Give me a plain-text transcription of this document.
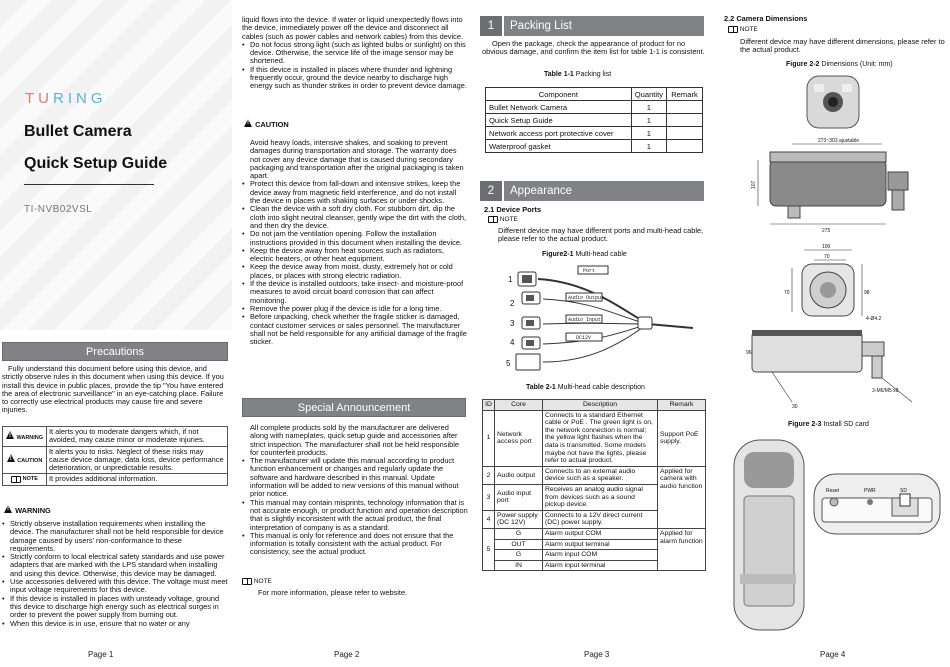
TURING
Bullet Camera
Quick Setup Guide
TI-NVB02VSL
Precautions

Fully understand this document before using this device, and strictly observe rules in this document when using this device. If you install this device in public places, provide the tip "You have entered the area of electronic surveillance" in an eye-catching place. Failure to correctly use electrical products may cause fire and severe injuries.

! WARNING	It alerts you to moderate dangers which, if not avoided, may cause minor or moderate injuries.
! CAUTION	It alerts you to risks. Neglect of these risks may cause device damage, data loss, device performance deterioration, or unpredictable results.
NOTE	It provides additional information.
! WARNING
• Strictly observe installation requirements when installing the device. The manufacturer shall not be held responsible for device damage caused by users' non-conformance to these requirements.
• Strictly conform to local electrical safety standards and use power adapters that are marked with the LPS standard when installing and using this device. Otherwise, this device may be damaged.
• Use accessories delivered with this device. The voltage must meet input voltage requirements for this device.
• If this device is installed in places with unsteady voltage, ground this device to discharge high energy such as electrical surges in order to prevent the power supply from burning out.
• When this device is in use, ensure that no water or any
Page 1
liquid flows into the device. If water or liquid unexpectedly flows into the device, immediately power off the device and disconnect all cables (such as power cables and network cables) from this device.
• Do not focus strong light (such as lighted bulbs or sunlight) on this device. Otherwise, the service life of the image sensor may be shortened.
• If this device is installed in places where thunder and lightning frequently occur, ground the device nearby to discharge high energy such as thunder strikes in order to prevent device damage.
! CAUTION
Avoid heavy loads, intensive shakes, and soaking to prevent damages during transportation and storage. The warranty does not cover any device damage that is caused during secondary packaging and transportation after the original packaging is taken apart.
• Protect this device from fall-down and intensive strikes, keep the device away from magnetic field interference, and do not install the device in places with shaking surfaces or under shocks.
• Clean the device with a soft dry cloth. For stubborn dirt, dip the cloth into slight neutral cleanser, gently wipe the dirt with the cloth, and then dry the device.
• Do not jam the ventilation opening. Follow the installation instructions provided in this document when installing the device.
• Keep the device away from heat sources such as radiators, electric heaters, or other heat equipment.
• Keep the device away from moist, dusty, extremely hot or cold places, or places with strong electric radiation.
• If the device is installed outdoors, take insect- and moisture-proof measures to avoid circuit board corrosion that can affect monitoring.
• Remove the power plug if the device is idle for a long time.
• Before unpacking, check whether the fragile sticker is damaged, contact customer services or sales personnel. The manufacturer shall not be held responsible for any artificial damage of the fragile sticker.
Special Announcement
All complete products sold by the manufacturer are delivered along with nameplates, quick setup guide and accessories after strict inspection. The manufacturer shall not be held responsible for counterfeit products.
• The manufacturer will update this manual according to product function enhancement or changes and regularly update the software and hardware described in this manual. Update information will be added to new versions of this manual without prior notice.
• This manual may contain misprints, technology information that is not accurate enough, or product function and operation description that is slightly inconsistent with the actual product, the final interpretation of company is as a standard.
• This manual is only for reference and does not ensure that the information is totally consistent with the actual product. For consistency, see the actual product.
NOTE

For more information, please refer to website.

Page 2
1 Packing List

Open the package, check the appearance of product for no obvious damage, and confirm the item list for table 1-1 is consistent.

Table 1-1 Packing list
Component	Quantity	Remark
Bullet Network Camera	1	
Quick Setup Guide	1	
Network access port protective cover	1	
Waterproof gasket	1	
2 Appearance
2.1 Device Ports
NOTE

Different device may have different ports and multi-head cable, please refer to the actual product.

Figure2-1 Multi-head cable
Port
Audio Output
Audio Input
DC12V
1
2
3
4
5
Table 2-1 Multi-head cable description
ID	Core	Description	Remark
1	Network access port	Connects to a standard Ethernet cable or PoE . The green light is on, the network connection is normal; the yellow light flashes when the data is transmitted. Some models maybe not have the lights, please refer to actual product.	Support PoE supply.
2	Audio output	Connects to an external audio device such as a speaker.	Applied for camera with audio function
3	Audio input port	Receives an analog audio signal from devices such as a sound pickup device.	
4	Power supply (DC 12V)	Connects to a 12V direct current (DC) power supply.	
5	G	Alarm output COM	Applied for alarm function
	OUT	Alarm output terminal	
	G	Alarm input COM	
	IN	Alarm input terminal	
Page 3
2.2 Camera Dimensions
NOTE

Different device may have different dimensions, please refer to the actual product.

Figure 2-2 Dimensions (Unit: mm)
273~303 ajustable
107
275
100
70
70	98
96
30
4-Ø4.2
3-M6/M5 x8
Figure 2-3 Install SD card
Reset	PWR	SD
Page 4
